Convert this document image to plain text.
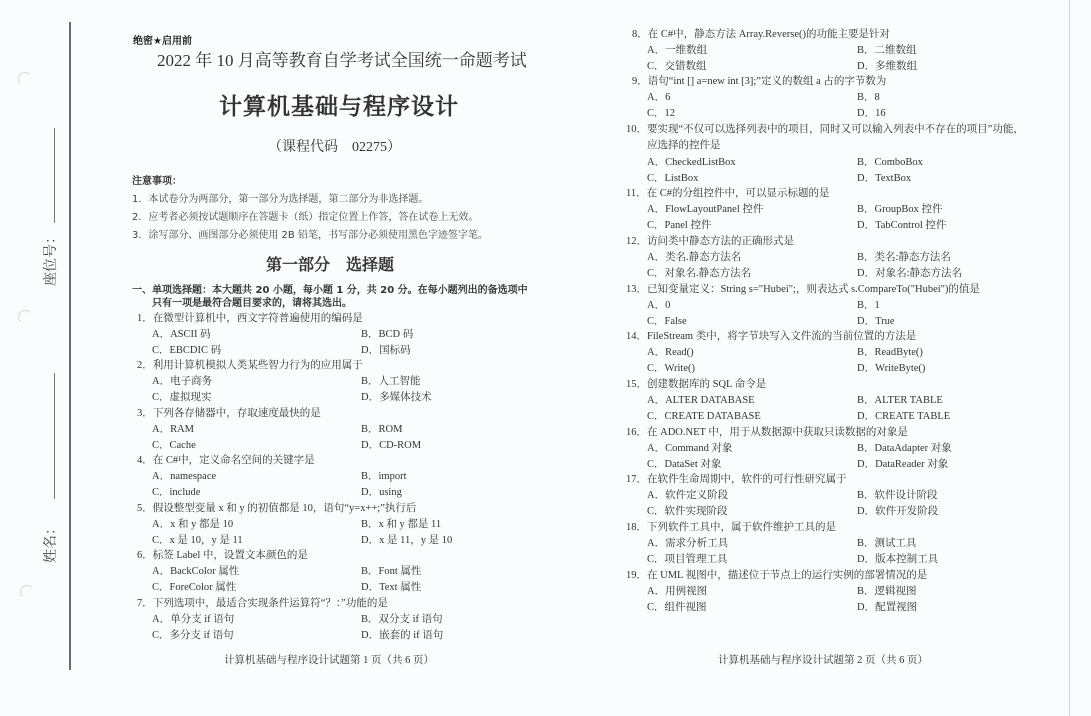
座位号：
姓名：
绝密★启用前
2022 年 10 月高等教育自学考试全国统一命题考试
计算机基础与程序设计
（课程代码　02275）
注意事项：
1．本试卷分为两部分，第一部分为选择题，第二部分为非选择题。
2．应考者必须按试题顺序在答题卡（纸）指定位置上作答，答在试卷上无效。
3．涂写部分、画图部分必须使用 2B 铅笔，书写部分必须使用黑色字迹签字笔。
第一部分　选择题
一、单项选择题：本大题共 20 小题，每小题 1 分，共 20 分。在每小题列出的备选项中
只有一项是最符合题目要求的，请将其选出。
1．在微型计算机中，西文字符普遍使用的编码是
A．ASCII 码	B．BCD 码
C．EBCDIC 码	D．国标码
2．利用计算机模拟人类某些智力行为的应用属于
A．电子商务	B．人工智能
C．虚拟现实	D．多媒体技术
3．下列各存储器中，存取速度最快的是
A．RAM	B．ROM
C．Cache	D．CD-ROM
4．在 C#中，定义命名空间的关键字是
A．namespace	B．import
C．include	D．using
5．假设整型变量 x 和 y 的初值都是 10，语句“y=x++;”执行后
A．x 和 y 都是 10	B．x 和 y 都是 11
C．x 是 10，y 是 11	D．x 是 11，y 是 10
6．标签 Label 中，设置文本颜色的是
A．BackColor 属性	B．Font 属性
C．ForeColor 属性	D．Text 属性
7．下列选项中，最适合实现条件运算符“？：”功能的是
A．单分支 if 语句	B．双分支 if 语句
C．多分支 if 语句	D．嵌套的 if 语句
计算机基础与程序设计试题第 1 页（共 6 页）
8．在 C#中，静态方法 Array.Reverse()的功能主要是针对
A．一维数组	B．二维数组
C．交错数组	D．多维数组
9．语句“int [] a=new int [3];”定义的数组 a 占的字节数为
A．6	B．8
C．12	D．16
10．要实现“不仅可以选择列表中的项目，同时又可以输入列表中不存在的项目”功能，
应选择的控件是
A．CheckedListBox	B．ComboBox
C．ListBox	D．TextBox
11．在 C#的分组控件中，可以显示标题的是
A．FlowLayoutPanel 控件	B．GroupBox 控件
C．Panel 控件	D．TabControl 控件
12．访问类中静态方法的正确形式是
A．类名.静态方法名	B．类名:静态方法名
C．对象名.静态方法名	D．对象名:静态方法名
13．已知变量定义：String s="Hubei";，则表达式 s.CompareTo("Hubei")的值是
A．0	B．1
C．False	D．True
14．FileStream 类中，将字节块写入文件流的当前位置的方法是
A．Read()	B．ReadByte()
C．Write()	D．WriteByte()
15．创建数据库的 SQL 命令是
A．ALTER DATABASE	B．ALTER TABLE
C．CREATE DATABASE	D．CREATE TABLE
16．在 ADO.NET 中，用于从数据源中获取只读数据的对象是
A．Command 对象	B．DataAdapter 对象
C．DataSet 对象	D．DataReader 对象
17．在软件生命周期中，软件的可行性研究属于
A．软件定义阶段	B．软件设计阶段
C．软件实现阶段	D．软件开发阶段
18．下列软件工具中，属于软件维护工具的是
A．需求分析工具	B．测试工具
C．项目管理工具	D．版本控制工具
19．在 UML 视图中，描述位于节点上的运行实例的部署情况的是
A．用例视图	B．逻辑视图
C．组件视图	D．配置视图
计算机基础与程序设计试题第 2 页（共 6 页）
